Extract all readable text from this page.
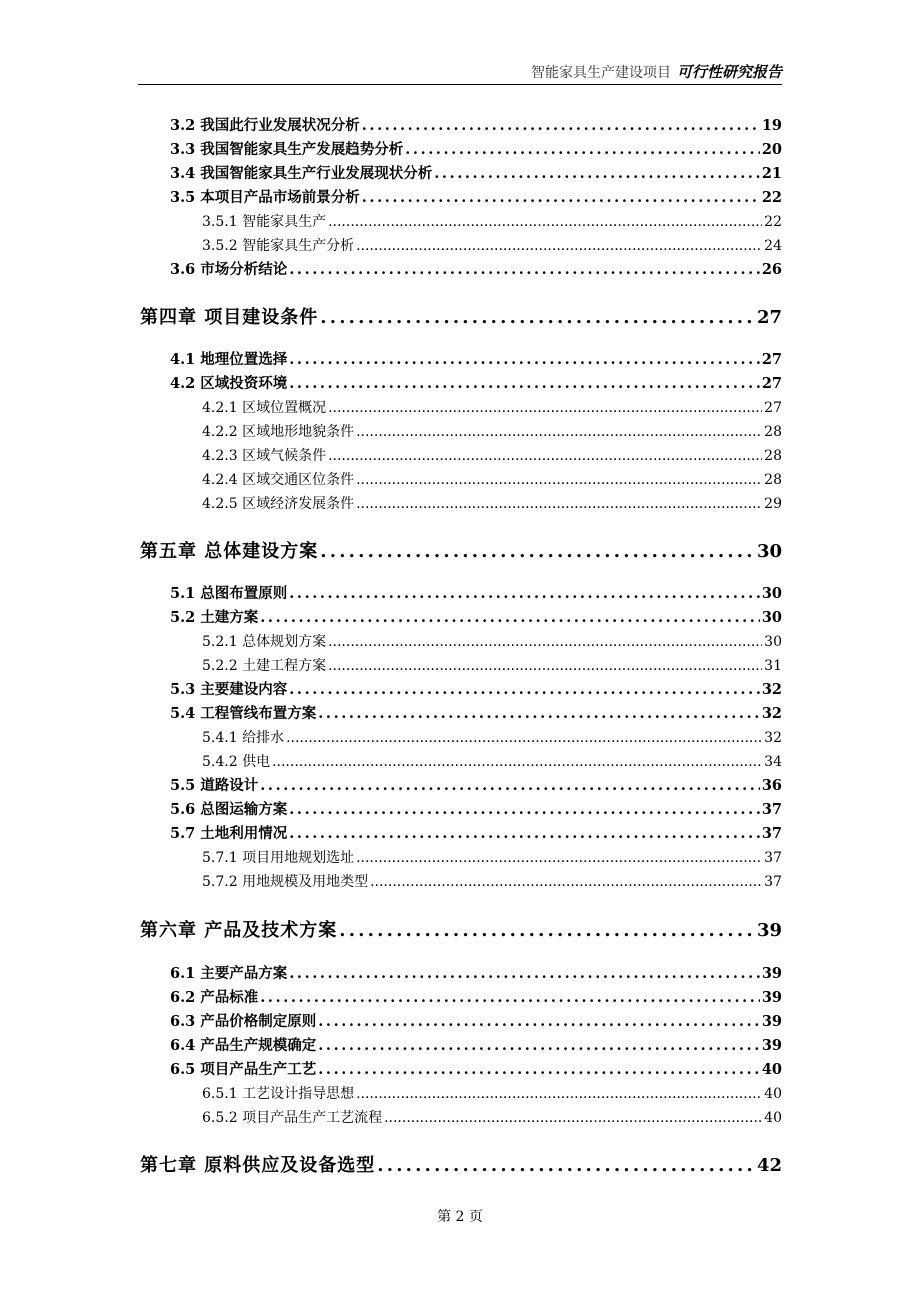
智能家具生产建设项目 可行性研究报告
3.2 我国此行业发展状况分析 .....	19
3.3 我国智能家具生产发展趋势分析 .....	20
3.4 我国智能家具生产行业发展现状分析 .....	21
3.5 本项目产品市场前景分析 .....	22
3.5.1 智能家具生产 .....	22
3.5.2 智能家具生产分析 .....	24
3.6 市场分析结论 .....	26
第四章 项目建设条件 .....	27
4.1 地理位置选择 .....	27
4.2 区域投资环境 .....	27
4.2.1 区域位置概况 .....	27
4.2.2 区域地形地貌条件 .....	28
4.2.3 区域气候条件 .....	28
4.2.4 区域交通区位条件 .....	28
4.2.5 区域经济发展条件 .....	29
第五章 总体建设方案 .....	30
5.1 总图布置原则 .....	30
5.2 土建方案 .....	30
5.2.1 总体规划方案 .....	30
5.2.2 土建工程方案 .....	31
5.3 主要建设内容 .....	32
5.4 工程管线布置方案 .....	32
5.4.1 给排水 .....	32
5.4.2 供电 .....	34
5.5 道路设计 .....	36
5.6 总图运输方案 .....	37
5.7 土地利用情况 .....	37
5.7.1 项目用地规划选址 .....	37
5.7.2 用地规模及用地类型 .....	37
第六章 产品及技术方案 .....	39
6.1 主要产品方案 .....	39
6.2 产品标准 .....	39
6.3 产品价格制定原则 .....	39
6.4 产品生产规模确定 .....	39
6.5 项目产品生产工艺 .....	40
6.5.1 工艺设计指导思想 .....	40
6.5.2 项目产品生产工艺流程 .....	40
第七章 原料供应及设备选型 .....	42
第 2 页
